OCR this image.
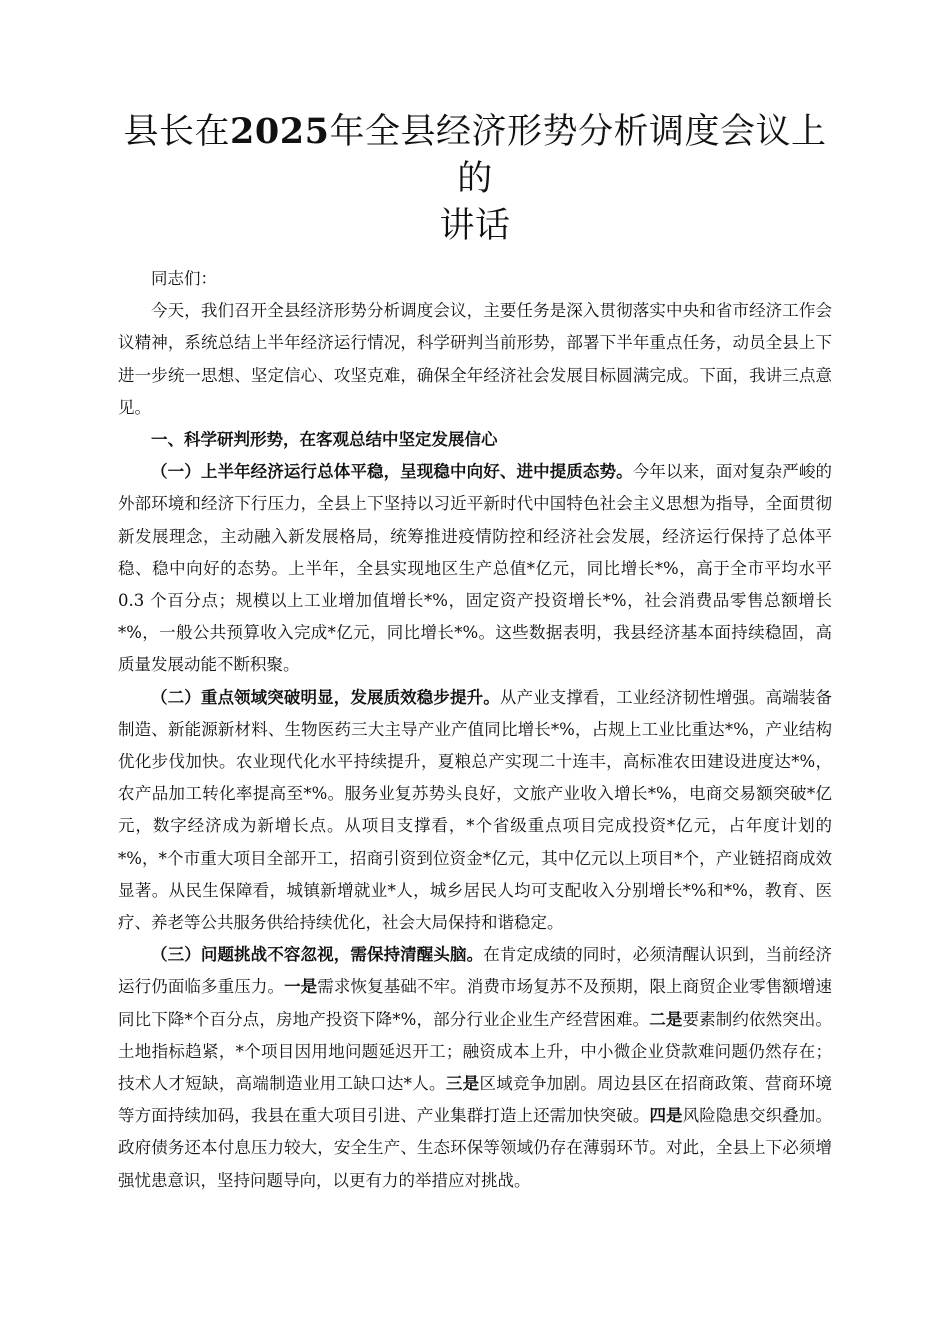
县长在2025年全县经济形势分析调度会议上的
讲话

同志们：

今天，我们召开全县经济形势分析调度会议，主要任务是深入贯彻落实中央和省市经济工作会议精神，系统总结上半年经济运行情况，科学研判当前形势，部署下半年重点任务，动员全县上下进一步统一思想、坚定信心、攻坚克难，确保全年经济社会发展目标圆满完成。下面，我讲三点意见。

一、科学研判形势，在客观总结中坚定发展信心

（一）上半年经济运行总体平稳，呈现稳中向好、进中提质态势。今年以来，面对复杂严峻的外部环境和经济下行压力，全县上下坚持以习近平新时代中国特色社会主义思想为指导，全面贯彻新发展理念，主动融入新发展格局，统筹推进疫情防控和经济社会发展，经济运行保持了总体平稳、稳中向好的态势。上半年，全县实现地区生产总值*亿元，同比增长*%，高于全市平均水平 0.3 个百分点；规模以上工业增加值增长*%，固定资产投资增长*%，社会消费品零售总额增长*%，一般公共预算收入完成*亿元，同比增长*%。这些数据表明，我县经济基本面持续稳固，高质量发展动能不断积聚。

（二）重点领域突破明显，发展质效稳步提升。从产业支撑看，工业经济韧性增强。高端装备制造、新能源新材料、生物医药三大主导产业产值同比增长*%，占规上工业比重达*%，产业结构优化步伐加快。农业现代化水平持续提升，夏粮总产实现二十连丰，高标准农田建设进度达*%，农产品加工转化率提高至*%。服务业复苏势头良好，文旅产业收入增长*%，电商交易额突破*亿元，数字经济成为新增长点。从项目支撑看，*个省级重点项目完成投资*亿元，占年度计划的*%，*个市重大项目全部开工，招商引资到位资金*亿元，其中亿元以上项目*个，产业链招商成效显著。从民生保障看，城镇新增就业*人，城乡居民人均可支配收入分别增长*%和*%，教育、医疗、养老等公共服务供给持续优化，社会大局保持和谐稳定。

（三）问题挑战不容忽视，需保持清醒头脑。在肯定成绩的同时，必须清醒认识到，当前经济运行仍面临多重压力。一是需求恢复基础不牢。消费市场复苏不及预期，限上商贸企业零售额增速同比下降*个百分点，房地产投资下降*%，部分行业企业生产经营困难。二是要素制约依然突出。土地指标趋紧，*个项目因用地问题延迟开工；融资成本上升，中小微企业贷款难问题仍然存在；技术人才短缺，高端制造业用工缺口达*人。三是区域竞争加剧。周边县区在招商政策、营商环境等方面持续加码，我县在重大项目引进、产业集群打造上还需加快突破。四是风险隐患交织叠加。政府债务还本付息压力较大，安全生产、生态环保等领域仍存在薄弱环节。对此，全县上下必须增强忧患意识，坚持问题导向，以更有力的举措应对挑战。
